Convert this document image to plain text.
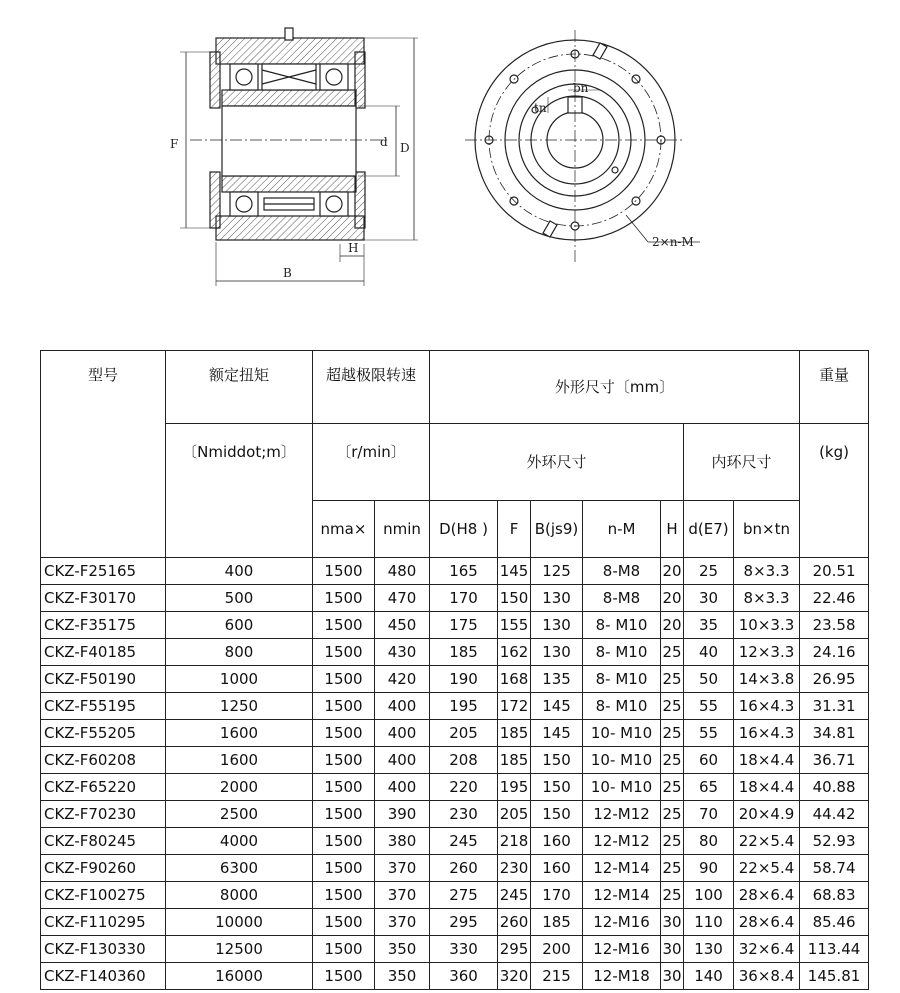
F	d D
H
B
bn
tn
2×n-M
型号	额定扭矩	超越极限转速		外形尺寸〔mm〕							重量
	〔Nmiddot;m〕	〔r/min〕		外环尺寸					内环尺寸		(kg)
		nma×	nmin	D(H8 )	F	B(js9)	n-M	H	d(E7)	bn×tn	
CKZ-F25165	400	1500	480	165	145	125	8-M8	20	25	8×3.3	20.51
CKZ-F30170	500	1500	470	170	150	130	8-M8	20	30	8×3.3	22.46
CKZ-F35175	600	1500	450	175	155	130	8- M10	20	35	10×3.3	23.58
CKZ-F40185	800	1500	430	185	162	130	8- M10	25	40	12×3.3	24.16
CKZ-F50190	1000	1500	420	190	168	135	8- M10	25	50	14×3.8	26.95
CKZ-F55195	1250	1500	400	195	172	145	8- M10	25	55	16×4.3	31.31
CKZ-F55205	1600	1500	400	205	185	145	10- M10	25	55	16×4.3	34.81
CKZ-F60208	1600	1500	400	208	185	150	10- M10	25	60	18×4.4	36.71
CKZ-F65220	2000	1500	400	220	195	150	10- M10	25	65	18×4.4	40.88
CKZ-F70230	2500	1500	390	230	205	150	12-M12	25	70	20×4.9	44.42
CKZ-F80245	4000	1500	380	245	218	160	12-M12	25	80	22×5.4	52.93
CKZ-F90260	6300	1500	370	260	230	160	12-M14	25	90	22×5.4	58.74
CKZ-F100275	8000	1500	370	275	245	170	12-M14	25	100	28×6.4	68.83
CKZ-F110295	10000	1500	370	295	260	185	12-M16	30	110	28×6.4	85.46
CKZ-F130330	12500	1500	350	330	295	200	12-M16	30	130	32×6.4	113.44
CKZ-F140360	16000	1500	350	360	320	215	12-M18	30	140	36×8.4	145.81
